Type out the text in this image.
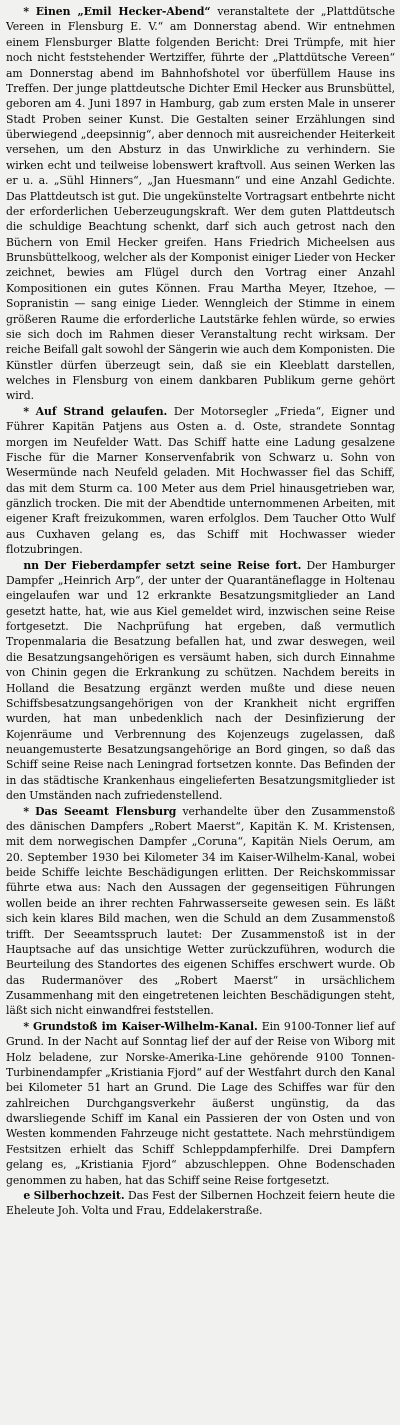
* Einen „Emil Hecker-Abend“ veranstaltete der „Plattdütsche Vereen in Flensburg E. V.“ am Donnerstag abend. Wir entnehmen einem Flensburger Blatte folgenden Bericht: Drei Trümpfe, mit hier noch nicht feststehender Wertziffer, führte der „Plattdütsche Vereen“ am Donnerstag abend im Bahnhofshotel vor überfüllem Hause ins Treffen. Der junge plattdeutsche Dichter Emil Hecker aus Brunsbüttel, geboren am 4. Juni 1897 in Hamburg, gab zum ersten Male in unserer Stadt Proben seiner Kunst. Die Gestalten seiner Erzählungen sind überwiegend „deepsinnig“, aber dennoch mit ausreichender Heiterkeit versehen, um den Absturz in das Unwirkliche zu verhindern. Sie wirken echt und teilweise lobenswert kraftvoll. Aus seinen Werken las er u. a. „Sühl Hinners“, „Jan Huesmann“ und eine Anzahl Gedichte. Das Plattdeutsch ist gut. Die ungekünstelte Vortragsart entbehrte nicht der erforderlichen Ueberzeugungskraft. Wer dem guten Plattdeutsch die schuldige Beachtung schenkt, darf sich auch getrost nach den Büchern von Emil Hecker greifen. Hans Friedrich Micheelsen aus Brunsbüttelkoog, welcher als der Komponist einiger Lieder von Hecker zeichnet, bewies am Flügel durch den Vortrag einer Anzahl Kompositionen ein gutes Können. Frau Martha Meyer, Itzehoe, — Sopranistin — sang einige Lieder. Wenngleich der Stimme in einem größeren Raume die erforderliche Lautstärke fehlen würde, so erwies sie sich doch im Rahmen dieser Veranstaltung recht wirksam. Der reiche Beifall galt sowohl der Sängerin wie auch dem Komponisten. Die Künstler dürfen überzeugt sein, daß sie ein Kleeblatt darstellen, welches in Flensburg von einem dankbaren Publikum gerne gehört wird.

* Auf Strand gelaufen. Der Motorsegler „Frieda“, Eigner und Führer Kapitän Patjens aus Osten a. d. Oste, strandete Sonntag morgen im Neufelder Watt. Das Schiff hatte eine Ladung gesalzene Fische für die Marner Konservenfabrik von Schwarz u. Sohn von Wesermünde nach Neufeld geladen. Mit Hochwasser fiel das Schiff, das mit dem Sturm ca. 100 Meter aus dem Priel hinausgetrieben war, gänzlich trocken. Die mit der Abendtide unternommenen Arbeiten, mit eigener Kraft freizukommen, waren erfolglos. Dem Taucher Otto Wulf aus Cuxhaven gelang es, das Schiff mit Hochwasser wieder flotzubringen.

nn Der Fieberdampfer setzt seine Reise fort. Der Hamburger Dampfer „Heinrich Arp“, der unter der Quarantäneflagge in Holtenau eingelaufen war und 12 erkrankte Besatzungsmitglieder an Land gesetzt hatte, hat, wie aus Kiel gemeldet wird, inzwischen seine Reise fortgesetzt. Die Nachprüfung hat ergeben, daß vermutlich Tropenmalaria die Besatzung befallen hat, und zwar deswegen, weil die Besatzungsangehörigen es versäumt haben, sich durch Einnahme von Chinin gegen die Erkrankung zu schützen. Nachdem bereits in Holland die Besatzung ergänzt werden mußte und diese neuen Schiffsbesatzungsangehörigen von der Krankheit nicht ergriffen wurden, hat man unbedenklich nach der Desinfizierung der Kojenräume und Verbrennung des Kojenzeugs zugelassen, daß neuangemusterte Besatzungsangehörige an Bord gingen, so daß das Schiff seine Reise nach Leningrad fortsetzen konnte. Das Befinden der in das städtische Krankenhaus eingelieferten Besatzungsmitglieder ist den Umständen nach zufriedenstellend.

* Das Seeamt Flensburg verhandelte über den Zusammenstoß des dänischen Dampfers „Robert Maerst“, Kapitän K. M. Kristensen, mit dem norwegischen Dampfer „Coruna“, Kapitän Niels Oerum, am 20. September 1930 bei Kilometer 34 im Kaiser-Wilhelm-Kanal, wobei beide Schiffe leichte Beschädigungen erlitten. Der Reichskommissar führte etwa aus: Nach den Aussagen der gegenseitigen Führungen wollen beide an ihrer rechten Fahrwasserseite gewesen sein. Es läßt sich kein klares Bild machen, wen die Schuld an dem Zusammenstoß trifft. Der Seeamtsspruch lautet: Der Zusammenstoß ist in der Hauptsache auf das unsichtige Wetter zurückzuführen, wodurch die Beurteilung des Standortes des eigenen Schiffes erschwert wurde. Ob das Rudermanöver des „Robert Maerst“ in ursächlichem Zusammenhang mit den eingetretenen leichten Beschädigungen steht, läßt sich nicht einwandfrei feststellen.

* Grundstoß im Kaiser-Wilhelm-Kanal. Ein 9100-Tonner lief auf Grund. In der Nacht auf Sonntag lief der auf der Reise von Wiborg mit Holz beladene, zur Norske-Amerika-Line gehörende 9100 Tonnen-Turbinendampfer „Kristiania Fjord“ auf der Westfahrt durch den Kanal bei Kilometer 51 hart an Grund. Die Lage des Schiffes war für den zahlreichen Durchgangsverkehr äußerst ungünstig, da das dwarsliegende Schiff im Kanal ein Passieren der von Osten und von Westen kommenden Fahrzeuge nicht gestattete. Nach mehrstündigem Festsitzen erhielt das Schiff Schleppdampferhilfe. Drei Dampfern gelang es, „Kristiania Fjord“ abzuschleppen. Ohne Bodenschaden genommen zu haben, hat das Schiff seine Reise fortgesetzt.

e Silberhochzeit. Das Fest der Silbernen Hochzeit feiern heute die Eheleute Joh. Volta und Frau, Eddelakerstraße.
